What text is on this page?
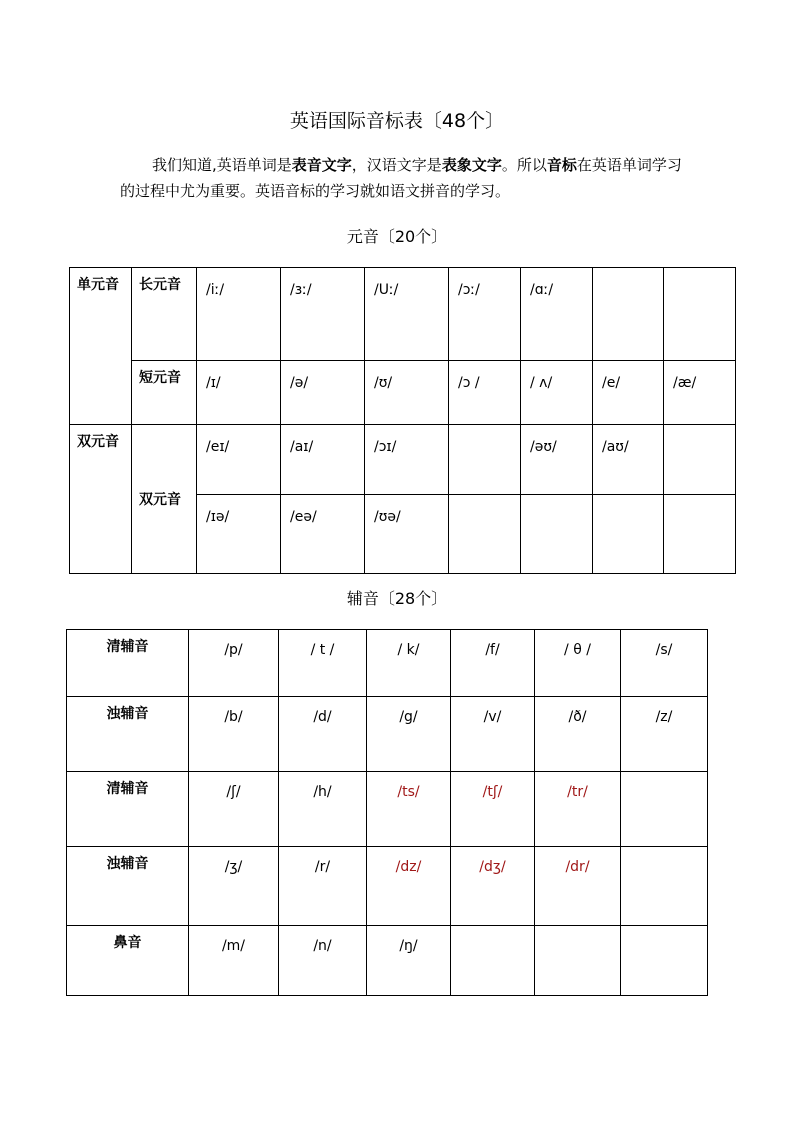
英语国际音标表〔48个〕
我们知道,英语单词是表音文字，汉语文字是表象文字。所以音标在英语单词学习的过程中尤为重要。英语音标的学习就如语文拼音的学习。
元音〔20个〕
单元音	长元音	/iː/	/ɜː/	/Uː/	/ɔː/	/ɑː/		
	短元音	/ɪ/	/ə/	/ʊ/	/ɔ /	/ ʌ/	/e/	/æ/
双元音	双元音	/eɪ/	/aɪ/	/ɔɪ/		/əʊ/	/aʊ/	
		/ɪə/	/eə/	/ʊə/				
辅音〔28个〕
清辅音	/p/	/ t /	/ k/	/f/	/ θ /	/s/
浊辅音	/b/	/d/	/g/	/v/	/ð/	/z/
清辅音	/ʃ/	/h/	/ts/	/tʃ/	/tr/	
浊辅音	/ʒ/	/r/	/dz/	/dʒ/	/dr/	
鼻音	/m/	/n/	/ŋ/			
